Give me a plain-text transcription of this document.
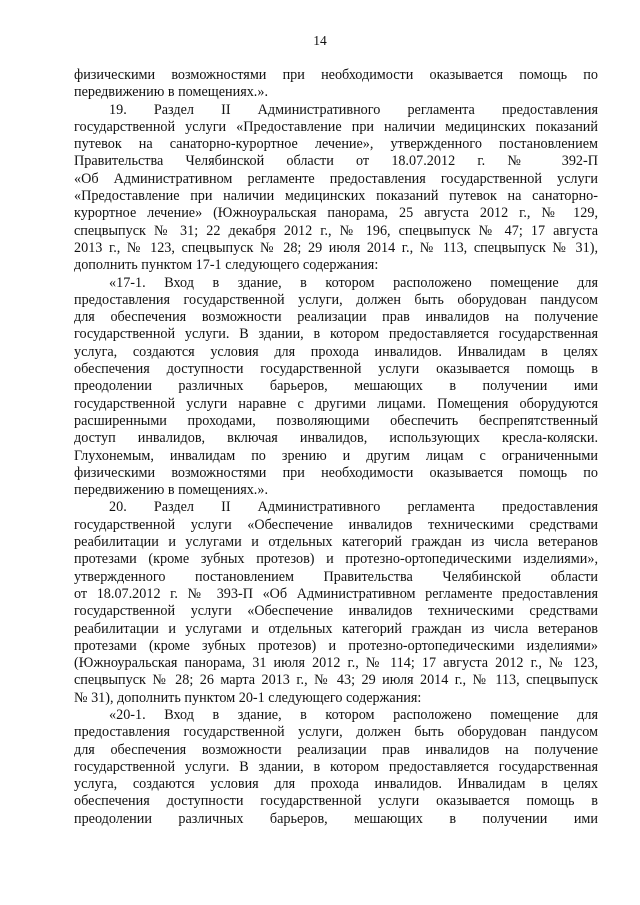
14
физическими возможностями при необходимости оказывается помощь по
передвижению в помещениях.».
19. Раздел II Административного регламента предоставления
государственной услуги «Предоставление при наличии медицинских показаний
путевок на санаторно-курортное лечение», утвержденного постановлением
Правительства Челябинской области от 18.07.2012 г. № 392-П
«Об Административном регламенте предоставления государственной услуги
«Предоставление при наличии медицинских показаний путевок на санаторно-
курортное лечение» (Южноуральская панорама, 25 августа 2012 г., № 129,
спецвыпуск № 31; 22 декабря 2012 г., № 196, спецвыпуск № 47; 17 августа
2013 г., № 123, спецвыпуск № 28; 29 июля 2014 г., № 113, спецвыпуск № 31),
дополнить пунктом 17-1 следующего содержания:
«17-1. Вход в здание, в котором расположено помещение для
предоставления государственной услуги, должен быть оборудован пандусом
для обеспечения возможности реализации прав инвалидов на получение
государственной услуги. В здании, в котором предоставляется государственная
услуга, создаются условия для прохода инвалидов. Инвалидам в целях
обеспечения доступности государственной услуги оказывается помощь в
преодолении различных барьеров, мешающих в получении ими
государственной услуги наравне с другими лицами. Помещения оборудуются
расширенными проходами, позволяющими обеспечить беспрепятственный
доступ инвалидов, включая инвалидов, использующих кресла-коляски.
Глухонемым, инвалидам по зрению и другим лицам с ограниченными
физическими возможностями при необходимости оказывается помощь по
передвижению в помещениях.».
20. Раздел II Административного регламента предоставления
государственной услуги «Обеспечение инвалидов техническими средствами
реабилитации и услугами и отдельных категорий граждан из числа ветеранов
протезами (кроме зубных протезов) и протезно-ортопедическими изделиями»,
утвержденного постановлением Правительства Челябинской области
от 18.07.2012 г. № 393-П «Об Административном регламенте предоставления
государственной услуги «Обеспечение инвалидов техническими средствами
реабилитации и услугами и отдельных категорий граждан из числа ветеранов
протезами (кроме зубных протезов) и протезно-ортопедическими изделиями»
(Южноуральская панорама, 31 июля 2012 г., № 114; 17 августа 2012 г., № 123,
спецвыпуск № 28; 26 марта 2013 г., № 43; 29 июля 2014 г., № 113, спецвыпуск
№ 31), дополнить пунктом 20-1 следующего содержания:
«20-1. Вход в здание, в котором расположено помещение для
предоставления государственной услуги, должен быть оборудован пандусом
для обеспечения возможности реализации прав инвалидов на получение
государственной услуги. В здании, в котором предоставляется государственная
услуга, создаются условия для прохода инвалидов. Инвалидам в целях
обеспечения доступности государственной услуги оказывается помощь в
преодолении различных барьеров, мешающих в получении ими
